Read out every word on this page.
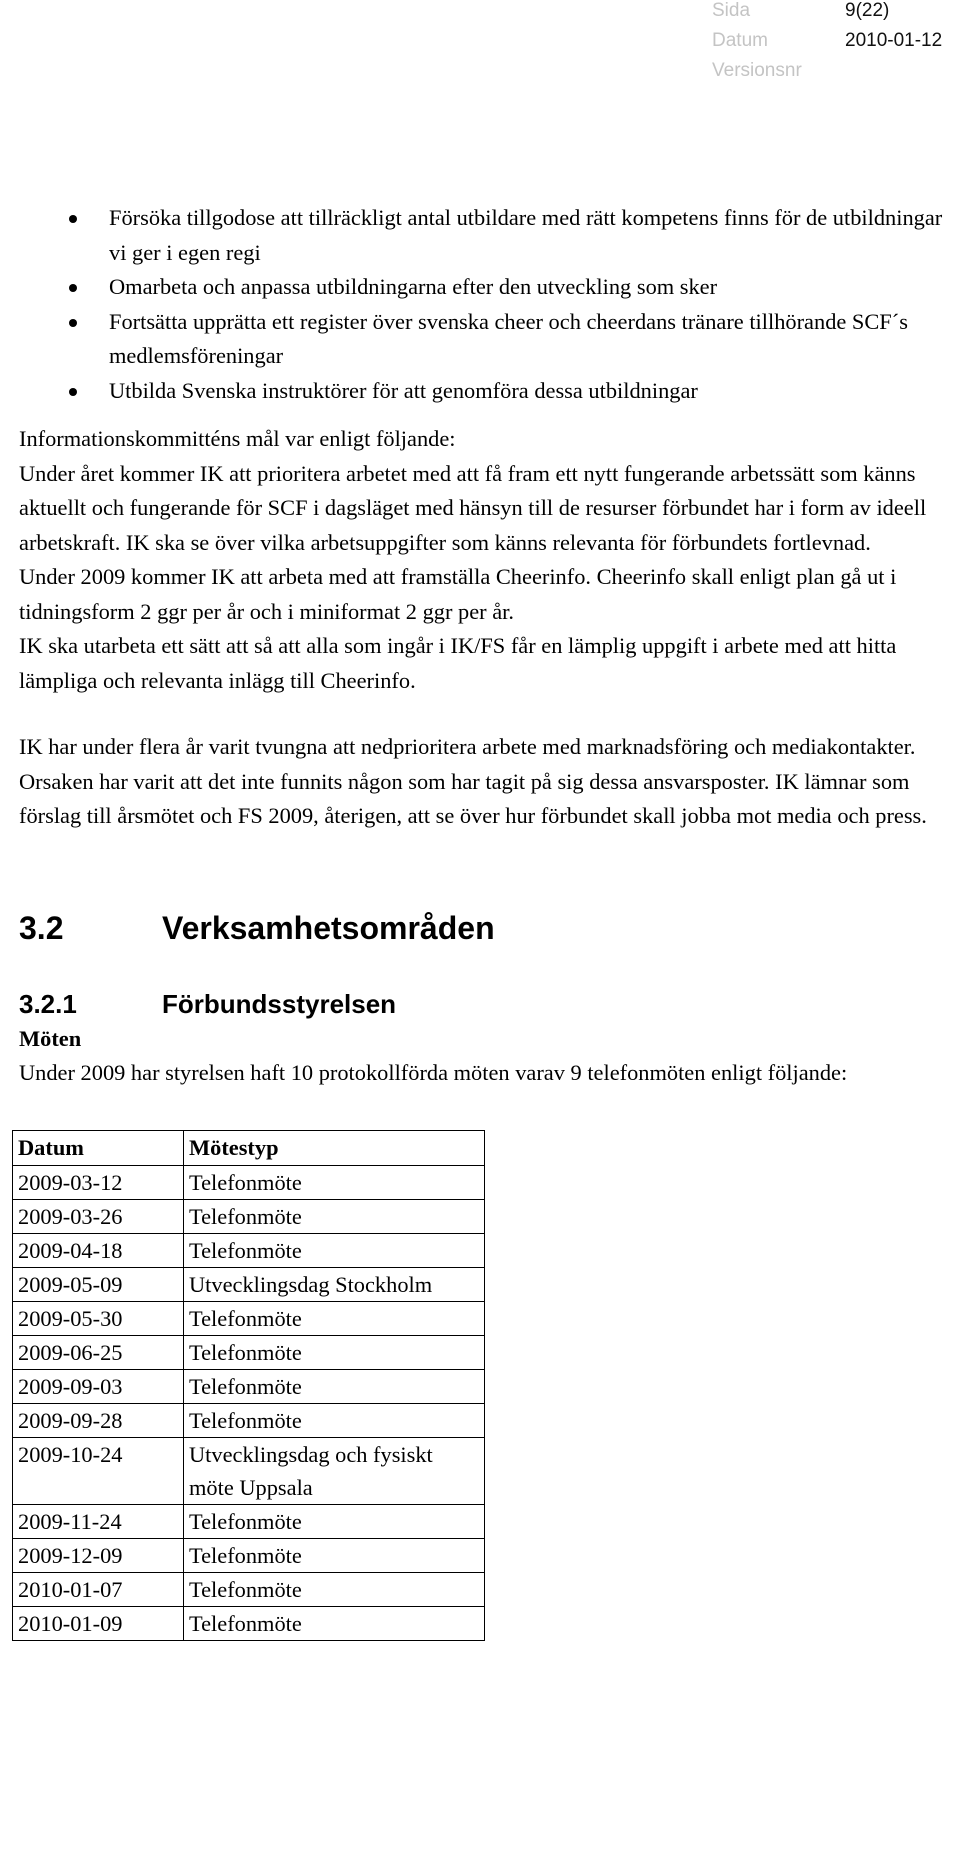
Sida	9(22)
Datum	2010-01-12
Versionsnr
Försöka tillgodose att tillräckligt antal utbildare med rätt kompetens finns för de utbildningar vi ger i egen regi
Omarbeta och anpassa utbildningarna efter den utveckling som sker
Fortsätta upprätta ett register över svenska cheer och cheerdans tränare tillhörande SCF´s medlemsföreningar
Utbilda Svenska instruktörer för att genomföra dessa utbildningar
Informationskommitténs mål var enligt följande:
Under året kommer IK att prioritera arbetet med att få fram ett nytt fungerande arbetssätt som känns aktuellt och fungerande för SCF i dagsläget med hänsyn till de resurser förbundet har i form av ideell arbetskraft. IK ska se över vilka arbetsuppgifter som känns relevanta för förbundets fortlevnad.
Under 2009 kommer IK att arbeta med att framställa Cheerinfo. Cheerinfo skall enligt plan gå ut i tidningsform 2 ggr per år och i miniformat 2 ggr per år.
IK ska utarbeta ett sätt att så att alla som ingår i IK/FS får en lämplig uppgift i arbete med att hitta lämpliga och relevanta inlägg till Cheerinfo.
IK har under flera år varit tvungna att nedprioritera arbete med marknadsföring och mediakontakter. Orsaken har varit att det inte funnits någon som har tagit på sig dessa ansvarsposter. IK lämnar som förslag till årsmötet och FS 2009, återigen, att se över hur förbundet skall jobba mot media och press.
3.2	Verksamhetsområden
3.2.1	Förbundsstyrelsen
Möten
Under 2009 har styrelsen haft 10 protokollförda möten varav 9 telefonmöten enligt följande:
Datum	Mötestyp
2009-03-12	Telefonmöte
2009-03-26	Telefonmöte
2009-04-18	Telefonmöte
2009-05-09	Utvecklingsdag Stockholm
2009-05-30	Telefonmöte
2009-06-25	Telefonmöte
2009-09-03	Telefonmöte
2009-09-28	Telefonmöte
2009-10-24	Utvecklingsdag och fysiskt möte Uppsala
2009-11-24	Telefonmöte
2009-12-09	Telefonmöte
2010-01-07	Telefonmöte
2010-01-09	Telefonmöte
